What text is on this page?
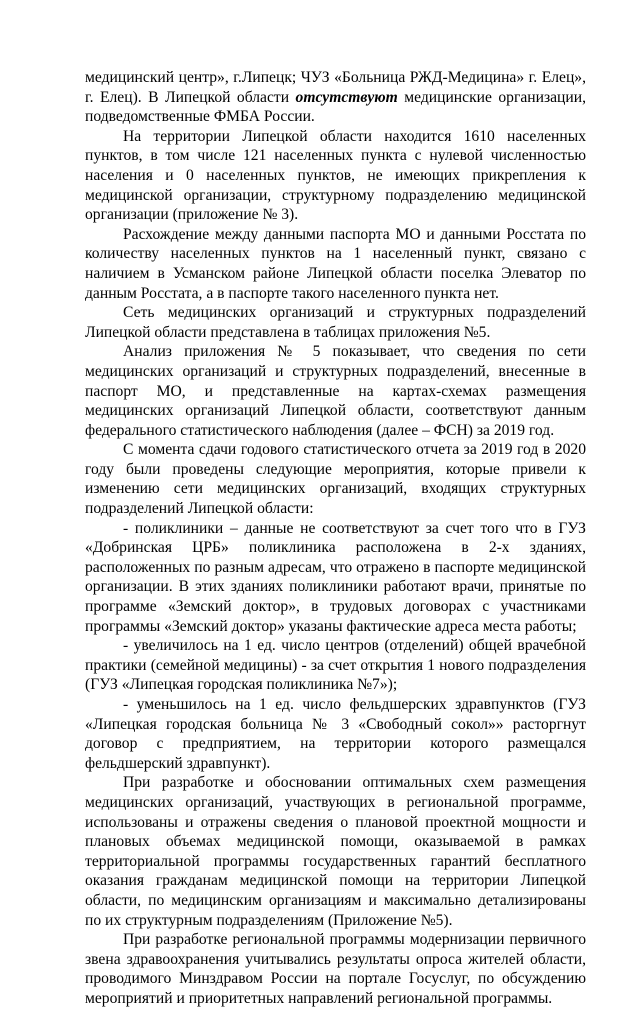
медицинский центр», г.Липецк; ЧУЗ «Больница РЖД-Медицина» г. Елец», г. Елец). В Липецкой области отсутствуют медицинские организации, подведомственные ФМБА России.

На территории Липецкой области находится 1610 населенных пунктов, в том числе 121 населенных пункта с нулевой численностью населения и 0 населенных пунктов, не имеющих прикрепления к медицинской организации, структурному подразделению медицинской организации (приложение № 3).

Расхождение между данными паспорта МО и данными Росстата по количеству населенных пунктов на 1 населенный пункт, связано с наличием в Усманском районе Липецкой области поселка Элеватор по данным Росстата, а в паспорте такого населенного пункта нет.

Сеть медицинских организаций и структурных подразделений Липецкой области представлена в таблицах приложения №5.

Анализ приложения № 5 показывает, что сведения по сети медицинских организаций и структурных подразделений, внесенные в паспорт МО, и представленные на картах-схемах размещения медицинских организаций Липецкой области, соответствуют данным федерального статистического наблюдения (далее – ФСН) за 2019 год.

С момента сдачи годового статистического отчета за 2019 год в 2020 году были проведены следующие мероприятия, которые привели к изменению сети медицинских организаций, входящих структурных подразделений Липецкой области:

- поликлиники – данные не соответствуют за счет того что в ГУЗ «Добринская ЦРБ» поликлиника расположена в 2-х зданиях, расположенных по разным адресам, что отражено в паспорте медицинской организации. В этих зданиях поликлиники работают врачи, принятые по программе «Земский доктор», в трудовых договорах с участниками программы «Земский доктор» указаны фактические адреса места работы;

- увеличилось на 1 ед. число центров (отделений) общей врачебной практики (семейной медицины) - за счет открытия 1 нового подразделения (ГУЗ «Липецкая городская поликлиника №7»);

- уменьшилось на 1 ед. число фельдшерских здравпунктов (ГУЗ «Липецкая городская больница № 3 «Свободный сокол»» расторгнут договор с предприятием, на территории которого размещался фельдшерский здравпункт).

При разработке и обосновании оптимальных схем размещения медицинских организаций, участвующих в региональной программе, использованы и отражены сведения о плановой проектной мощности и плановых объемах медицинской помощи, оказываемой в рамках территориальной программы государственных гарантий бесплатного оказания гражданам медицинской помощи на территории Липецкой области, по медицинским организациям и максимально детализированы по их структурным подразделениям (Приложение №5).

При разработке региональной программы модернизации первичного звена здравоохранения учитывались результаты опроса жителей области, проводимого Минздравом России на портале Госуслуг, по обсуждению мероприятий и приоритетных направлений региональной программы.
